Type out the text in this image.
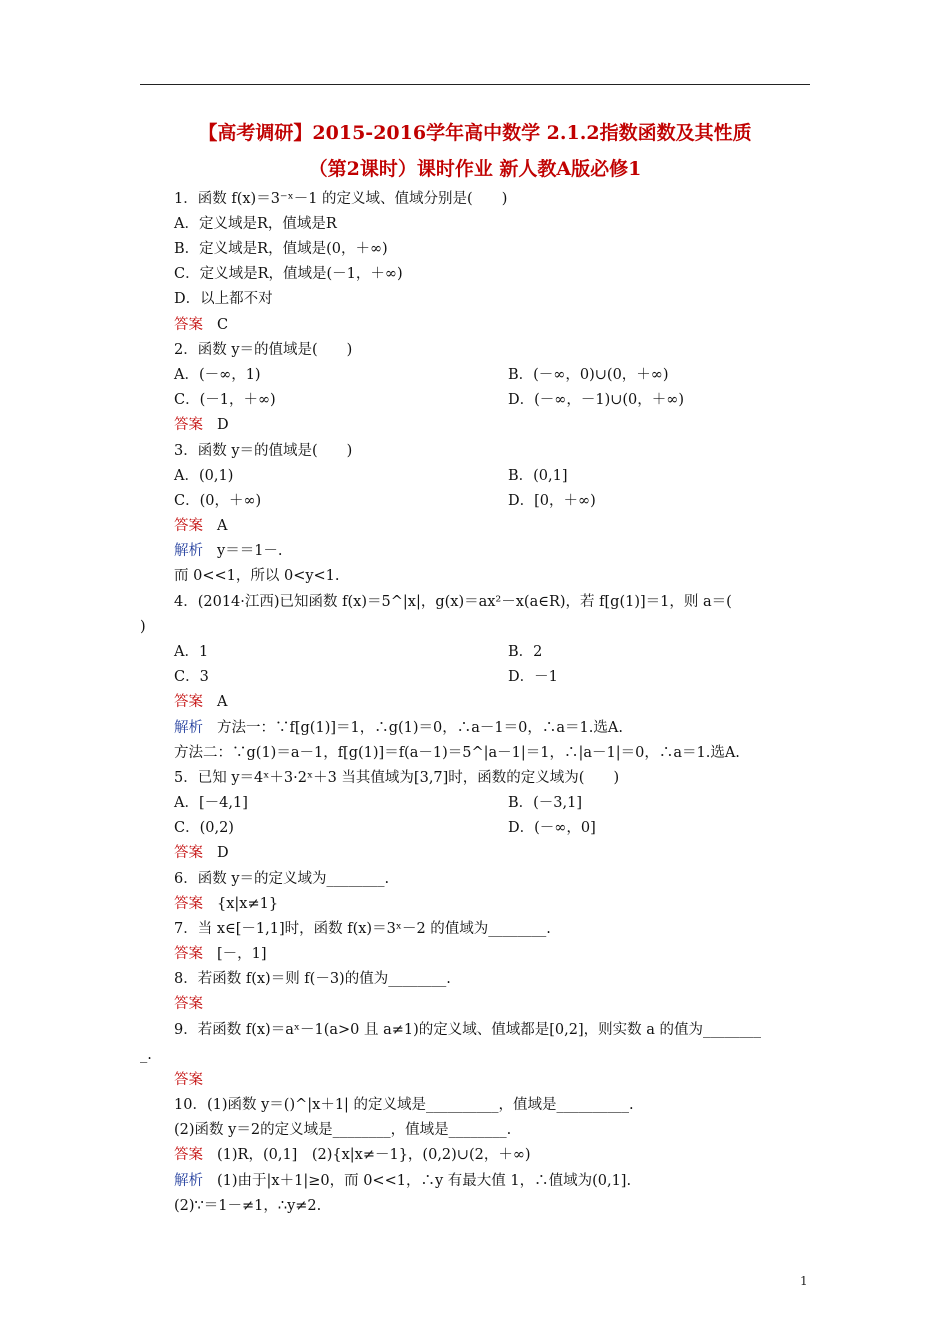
【高考调研】2015-2016学年高中数学 2.1.2指数函数及其性质
（第2课时）课时作业 新人教A版必修1
1．函数 f(x)＝3⁻ˣ－1 的定义域、值域分别是(　　)
A．定义域是R，值域是R
B．定义域是R，值域是(0，＋∞)
C．定义域是R，值域是(－1，＋∞)
D．以上都不对
答案 C
2．函数 y＝的值域是(　　)
A．(－∞，1)	B．(－∞，0)∪(0，＋∞)
C．(－1，＋∞)	D．(－∞，－1)∪(0，＋∞)
答案 D
3．函数 y＝的值域是(　　)
A．(0,1)	B．(0,1]
C．(0，＋∞)	D．[0，＋∞)
答案 A
解析 y＝＝1－.
而 0<<1，所以 0<y<1.
4．(2014·江西)已知函数 f(x)＝5^|x|，g(x)＝ax²－x(a∈R)，若 f[g(1)]＝1，则 a＝(
)
A．1	B．2
C．3	D．－1
答案 A
解析 方法一：∵f[g(1)]＝1，∴g(1)＝0，∴a－1＝0，∴a＝1.选A.
方法二：∵g(1)＝a－1，f[g(1)]＝f(a－1)＝5^|a－1|＝1，∴|a－1|＝0，∴a＝1.选A.
5．已知 y＝4ˣ＋3·2ˣ＋3 当其值域为[3,7]时，函数的定义域为(　　)
A．[－4,1]	B．(－3,1]
C．(0,2)	D．(－∞，0]
答案 D
6．函数 y＝的定义域为________.
答案 {x|x≠1}
7．当 x∈[－1,1]时，函数 f(x)＝3ˣ－2 的值域为________.
答案 [－，1]
8．若函数 f(x)＝则 f(－3)的值为________.
答案
9．若函数 f(x)＝aˣ－1(a>0 且 a≠1)的定义域、值域都是[0,2]，则实数 a 的值为________
_.
答案
10．(1)函数 y＝()^|x＋1| 的定义域是__________，值域是__________.
(2)函数 y＝2的定义域是________，值域是________.
答案 (1)R，(0,1]　(2){x|x≠－1}，(0,2)∪(2，＋∞)
解析 (1)由于|x＋1|≥0，而 0<<1，∴y 有最大值 1，∴值域为(0,1].
(2)∵＝1－≠1，∴y≠2.
1
